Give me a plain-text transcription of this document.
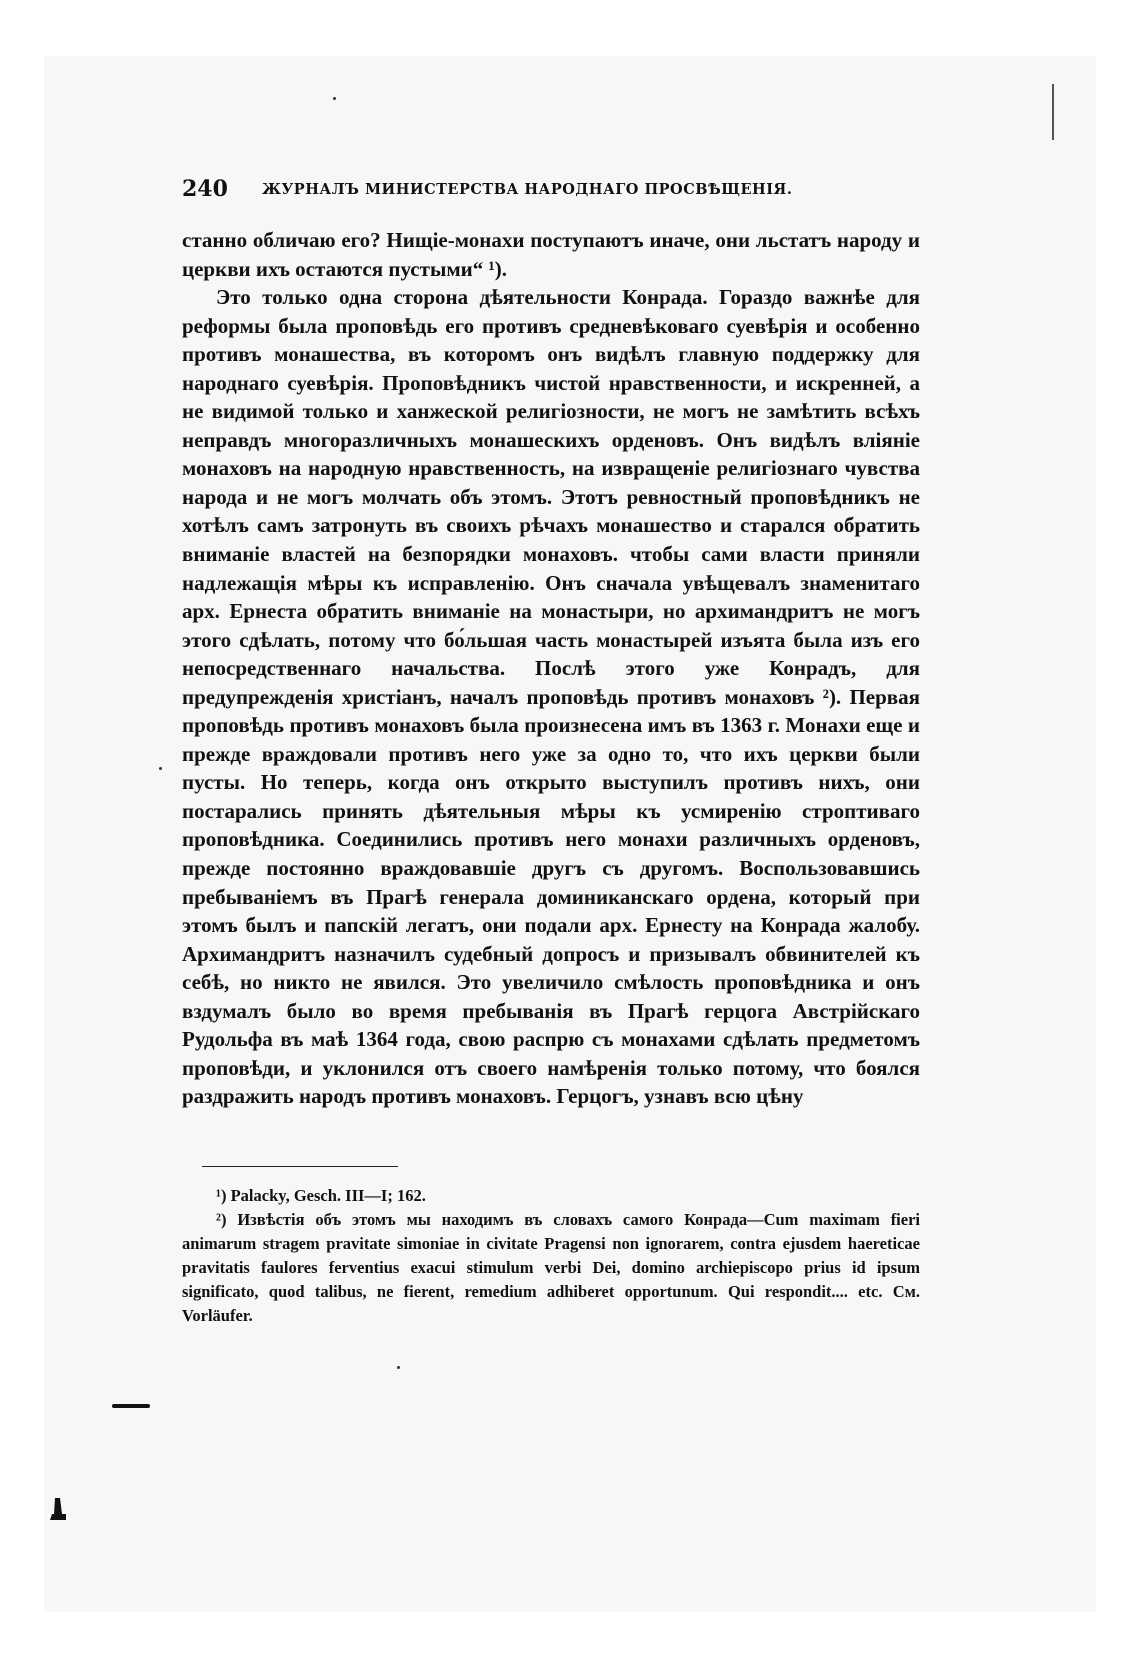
240 ЖУРНАЛЪ МИНИСТЕРСТВА НАРОДНАГО ПРОСВѢЩЕНIЯ.

станно обличаю его? Нищіе-монахи поступаютъ иначе, они льстатъ народу и церкви ихъ остаются пустыми“ ¹).

Это только одна сторона дѣятельности Конрада. Гораздо важнѣе для реформы была проповѣдь его противъ средневѣковаго суевѣрія и особенно противъ монашества, въ которомъ онъ видѣлъ главную поддержку для народнаго суевѣрія. Проповѣдникъ чистой нравственности, и искренней, а не видимой только и ханжеской религіозности, не могъ не замѣтить всѣхъ неправдъ многоразличныхъ монашескихъ орденовъ. Онъ видѣлъ вліяніе монаховъ на народную нравственность, на извращеніе религіознаго чувства народа и не могъ молчать объ этомъ. Этотъ ревностный проповѣдникъ не хотѣлъ самъ затронуть въ своихъ рѣчахъ монашество и старался обратить вниманіе властей на безпорядки монаховъ. чтобы сами власти приняли надлежащія мѣры къ исправленію. Онъ сначала увѣщевалъ знаменитаго арх. Ернеста обратить вниманіе на монастыри, но архимандритъ не могъ этого сдѣлать, потому что бо́льшая часть монастырей изъята была изъ его непосредственнаго начальства. Послѣ этого уже Конрадъ, для предупрежденія христіанъ, началъ проповѣдь противъ монаховъ ²). Первая проповѣдь противъ монаховъ была произнесена имъ въ 1363 г. Монахи еще и прежде враждовали противъ него уже за одно то, что ихъ церкви были пусты. Но теперь, когда онъ открыто выступилъ противъ нихъ, они постарались принять дѣятельныя мѣры къ усмиренію строптиваго проповѣдника. Соединились противъ него монахи различныхъ орденовъ, прежде постоянно враждовавшіе другъ съ другомъ. Воспользовавшись пребываніемъ въ Прагѣ генерала доминиканскаго ордена, который при этомъ былъ и папскій легатъ, они подали арх. Ернесту на Конрада жалобу. Архимандритъ назначилъ судебный допросъ и призывалъ обвинителей къ себѣ, но никто не явился. Это увеличило смѣлость проповѣдника и онъ вздумалъ было во время пребыванія въ Прагѣ герцога Австрійскаго Рудольфа въ маѣ 1364 года, свою распрю съ монахами сдѣлать предметомъ проповѣди, и уклонился отъ своего намѣренія только потому, что боялся раздражить народъ противъ монаховъ. Герцогъ, узнавъ всю цѣну

¹) Palacky, Gesch. III—I; 162.

²) Извѣстія объ этомъ мы находимъ въ словахъ самого Конрада—Cum maximam fieri animarum stragem pravitate simoniae in civitate Pragensi non ignorarem, contra ejusdem haereticae pravitatis faulores ferventius exacui stimulum verbi Dei, domino archiepiscopo prius id ipsum significato, quod talibus, ne fierent, remedium adhiberet opportunum. Qui respondit.... etc. См. Vorläufer.
